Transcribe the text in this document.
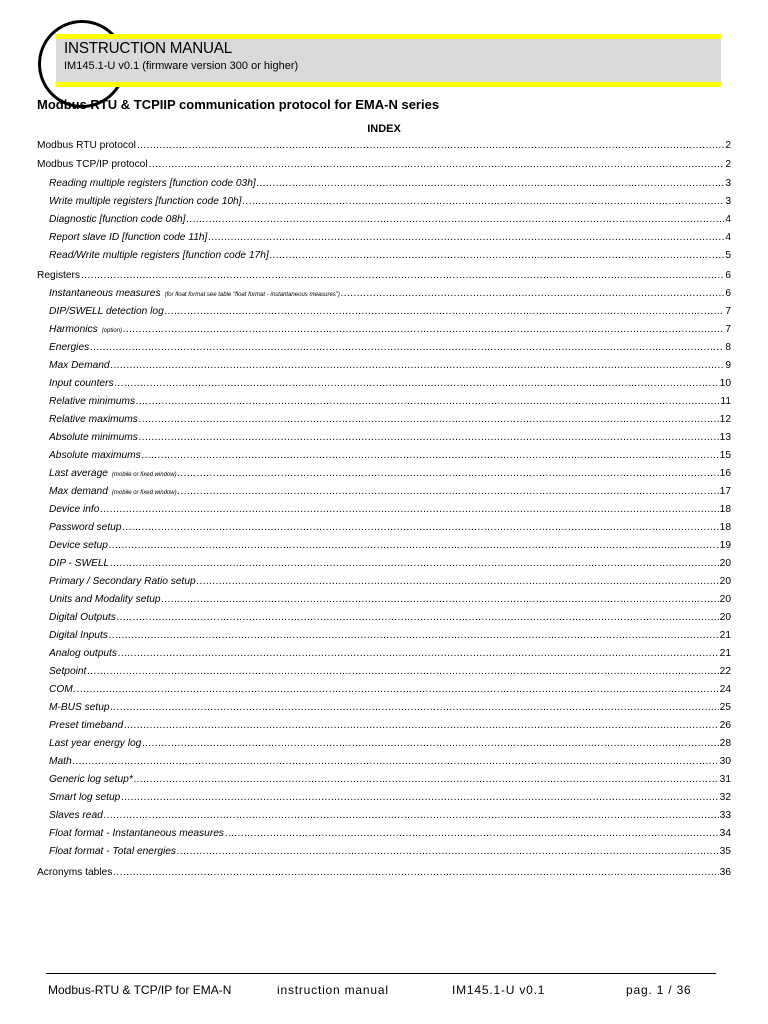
INSTRUCTION MANUAL
IM145.1-U v0.1 (firmware version 300 or higher)
Modbus RTU & TCPIIP communication protocol for EMA-N series
INDEX
Modbus RTU protocol .....	2
Modbus TCP/IP protocol .....	2
Reading multiple registers [function code 03h] .....	3
Write multiple registers [function code 10h] .....	3
Diagnostic [function code 08h] .....	4
Report slave ID [function code 11h] .....	4
Read/Write multiple registers [function code 17h] .....	5
Registers .....	6
Instantaneous measures (for float format see table "float format - instantaneous measures") .....	6
DIP/SWELL detection log .....	7
Harmonics (option) .....	7
Energies .....	8
Max Demand .....	9
Input counters .....	10
Relative minimums .....	11
Relative maximums .....	12
Absolute minimums .....	13
Absolute maximums .....	15
Last average (mobile or fixed window) .....	16
Max demand (mobile or fixed window) .....	17
Device info .....	18
Password setup .....	18
Device setup .....	19
DIP - SWELL .....	20
Primary / Secondary Ratio setup .....	20
Units and Modality setup .....	20
Digital Outputs .....	20
Digital Inputs .....	21
Analog outputs .....	21
Setpoint .....	22
COM .....	24
M-BUS setup .....	25
Preset timeband .....	26
Last year energy log .....	28
Math .....	30
Generic log setup* .....	31
Smart log setup .....	32
Slaves read .....	33
Float format - Instantaneous measures .....	34
Float format - Total energies .....	35
Acronyms tables .....	36
Modbus-RTU & TCP/IP for EMA-N	instruction manual	IM145.1-U v0.1	pag. 1 / 36
